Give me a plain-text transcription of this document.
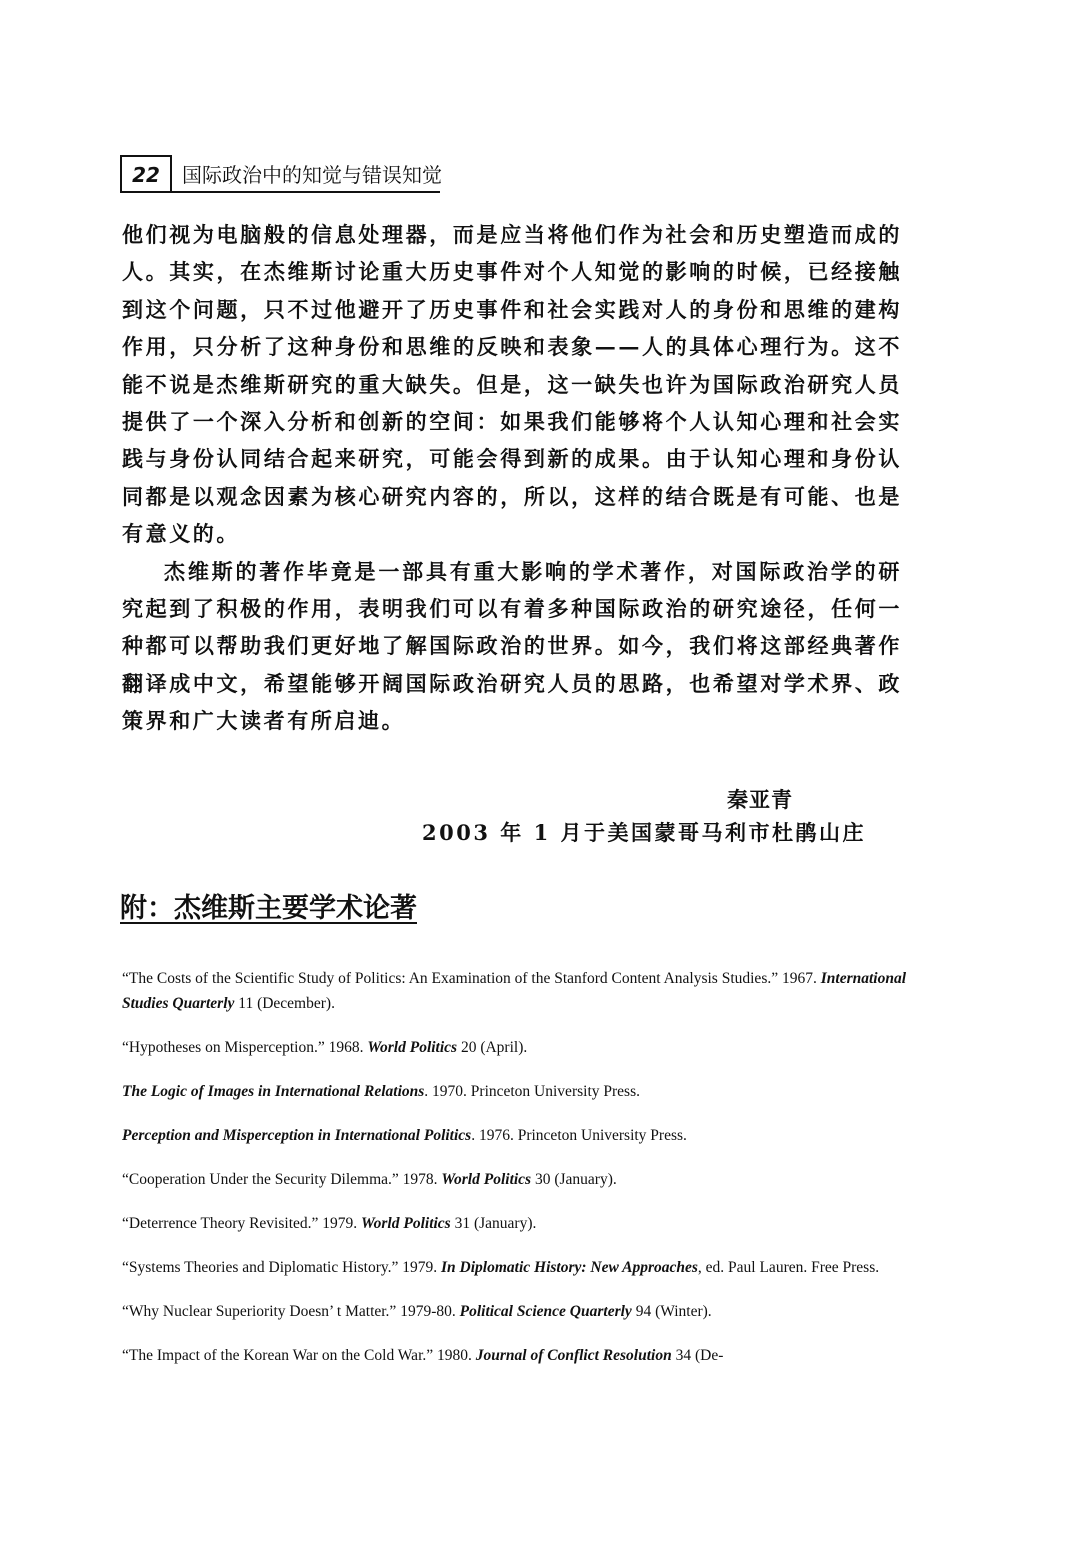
22	国际政治中的知觉与错误知觉

他们视为电脑般的信息处理器，而是应当将他们作为社会和历史塑造而成的人。其实，在杰维斯讨论重大历史事件对个人知觉的影响的时候，已经接触到这个问题，只不过他避开了历史事件和社会实践对人的身份和思维的建构作用，只分析了这种身份和思维的反映和表象——人的具体心理行为。这不能不说是杰维斯研究的重大缺失。但是，这一缺失也许为国际政治研究人员提供了一个深入分析和创新的空间：如果我们能够将个人认知心理和社会实践与身份认同结合起来研究，可能会得到新的成果。由于认知心理和身份认同都是以观念因素为核心研究内容的，所以，这样的结合既是有可能、也是有意义的。

杰维斯的著作毕竟是一部具有重大影响的学术著作，对国际政治学的研究起到了积极的作用，表明我们可以有着多种国际政治的研究途径，任何一种都可以帮助我们更好地了解国际政治的世界。如今，我们将这部经典著作翻译成中文，希望能够开阔国际政治研究人员的思路，也希望对学术界、政策界和广大读者有所启迪。

秦亚青
2003 年 1 月于美国蒙哥马利市杜鹃山庄
附：杰维斯主要学术论著

“The Costs of the Scientific Study of Politics: An Examination of the Stanford Content Analysis Studies.” 1967. International Studies Quarterly 11 (December).

“Hypotheses on Misperception.” 1968. World Politics 20 (April).

The Logic of Images in International Relations. 1970. Princeton University Press.

Perception and Misperception in International Politics. 1976. Princeton University Press.

“Cooperation Under the Security Dilemma.” 1978. World Politics 30 (January).

“Deterrence Theory Revisited.” 1979. World Politics 31 (January).

“Systems Theories and Diplomatic History.” 1979. In Diplomatic History: New Approaches, ed. Paul Lauren. Free Press.

“Why Nuclear Superiority Doesn’ t Matter.” 1979-80. Political Science Quarterly 94 (Winter).

“The Impact of the Korean War on the Cold War.” 1980. Journal of Conflict Resolution 34 (De-
